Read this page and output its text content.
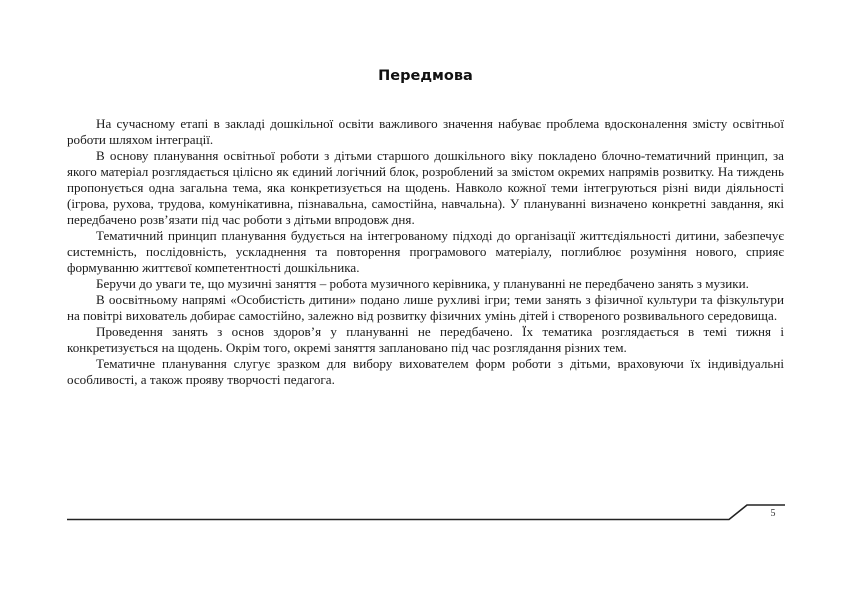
Передмова

На сучасному етапі в закладі дошкільної освіти важливого значення набуває проблема вдосконалення змісту освітньої роботи шляхом інтеграції.

В основу планування освітньої роботи з дітьми старшого дошкільного віку покладено блочно-тематичний принцип, за якого матеріал розглядається цілісно як єдиний логічний блок, розроблений за змістом окремих напрямів розвитку. На тиждень пропонується одна загальна тема, яка конкретизується на щодень. Навколо кожної теми інтегруються різні види діяльності (ігрова, рухова, трудова, комунікативна, пізнавальна, самостійна, навчальна). У плануванні визначено конкретні завдання, які передбачено розв’язати під час роботи з дітьми впродовж дня.

Тематичний принцип планування будується на інтегрованому підході до організації життєдіяльності дитини, забезпечує системність, послідовність, ускладнення та повторення програмового матеріалу, поглиблює розуміння нового, сприяє формуванню життєвої компетентності дошкільника.

Беручи до уваги те, що музичні заняття – робота музичного керівника, у плануванні не передбачено занять з музики.

В оосвітньому напрямі «Особистість дитини» подано лише рухливі ігри; теми занять з фізичної культури та фізкультури на повітрі вихователь добирає самостійно, залежно від розвитку фізичних умінь дітей і створеного розвивального середовища.

Проведення занять з основ здоров’я у плануванні не передбачено. Їх тематика розглядається в темі тижня і конкретизується на щодень. Окрім того, окремі заняття заплановано під час розглядання різних тем.

Тематичне планування слугує зразком для вибору вихователем форм роботи з дітьми, враховуючи їх індивідуальні особливості, а також прояву творчості педагога.

5
